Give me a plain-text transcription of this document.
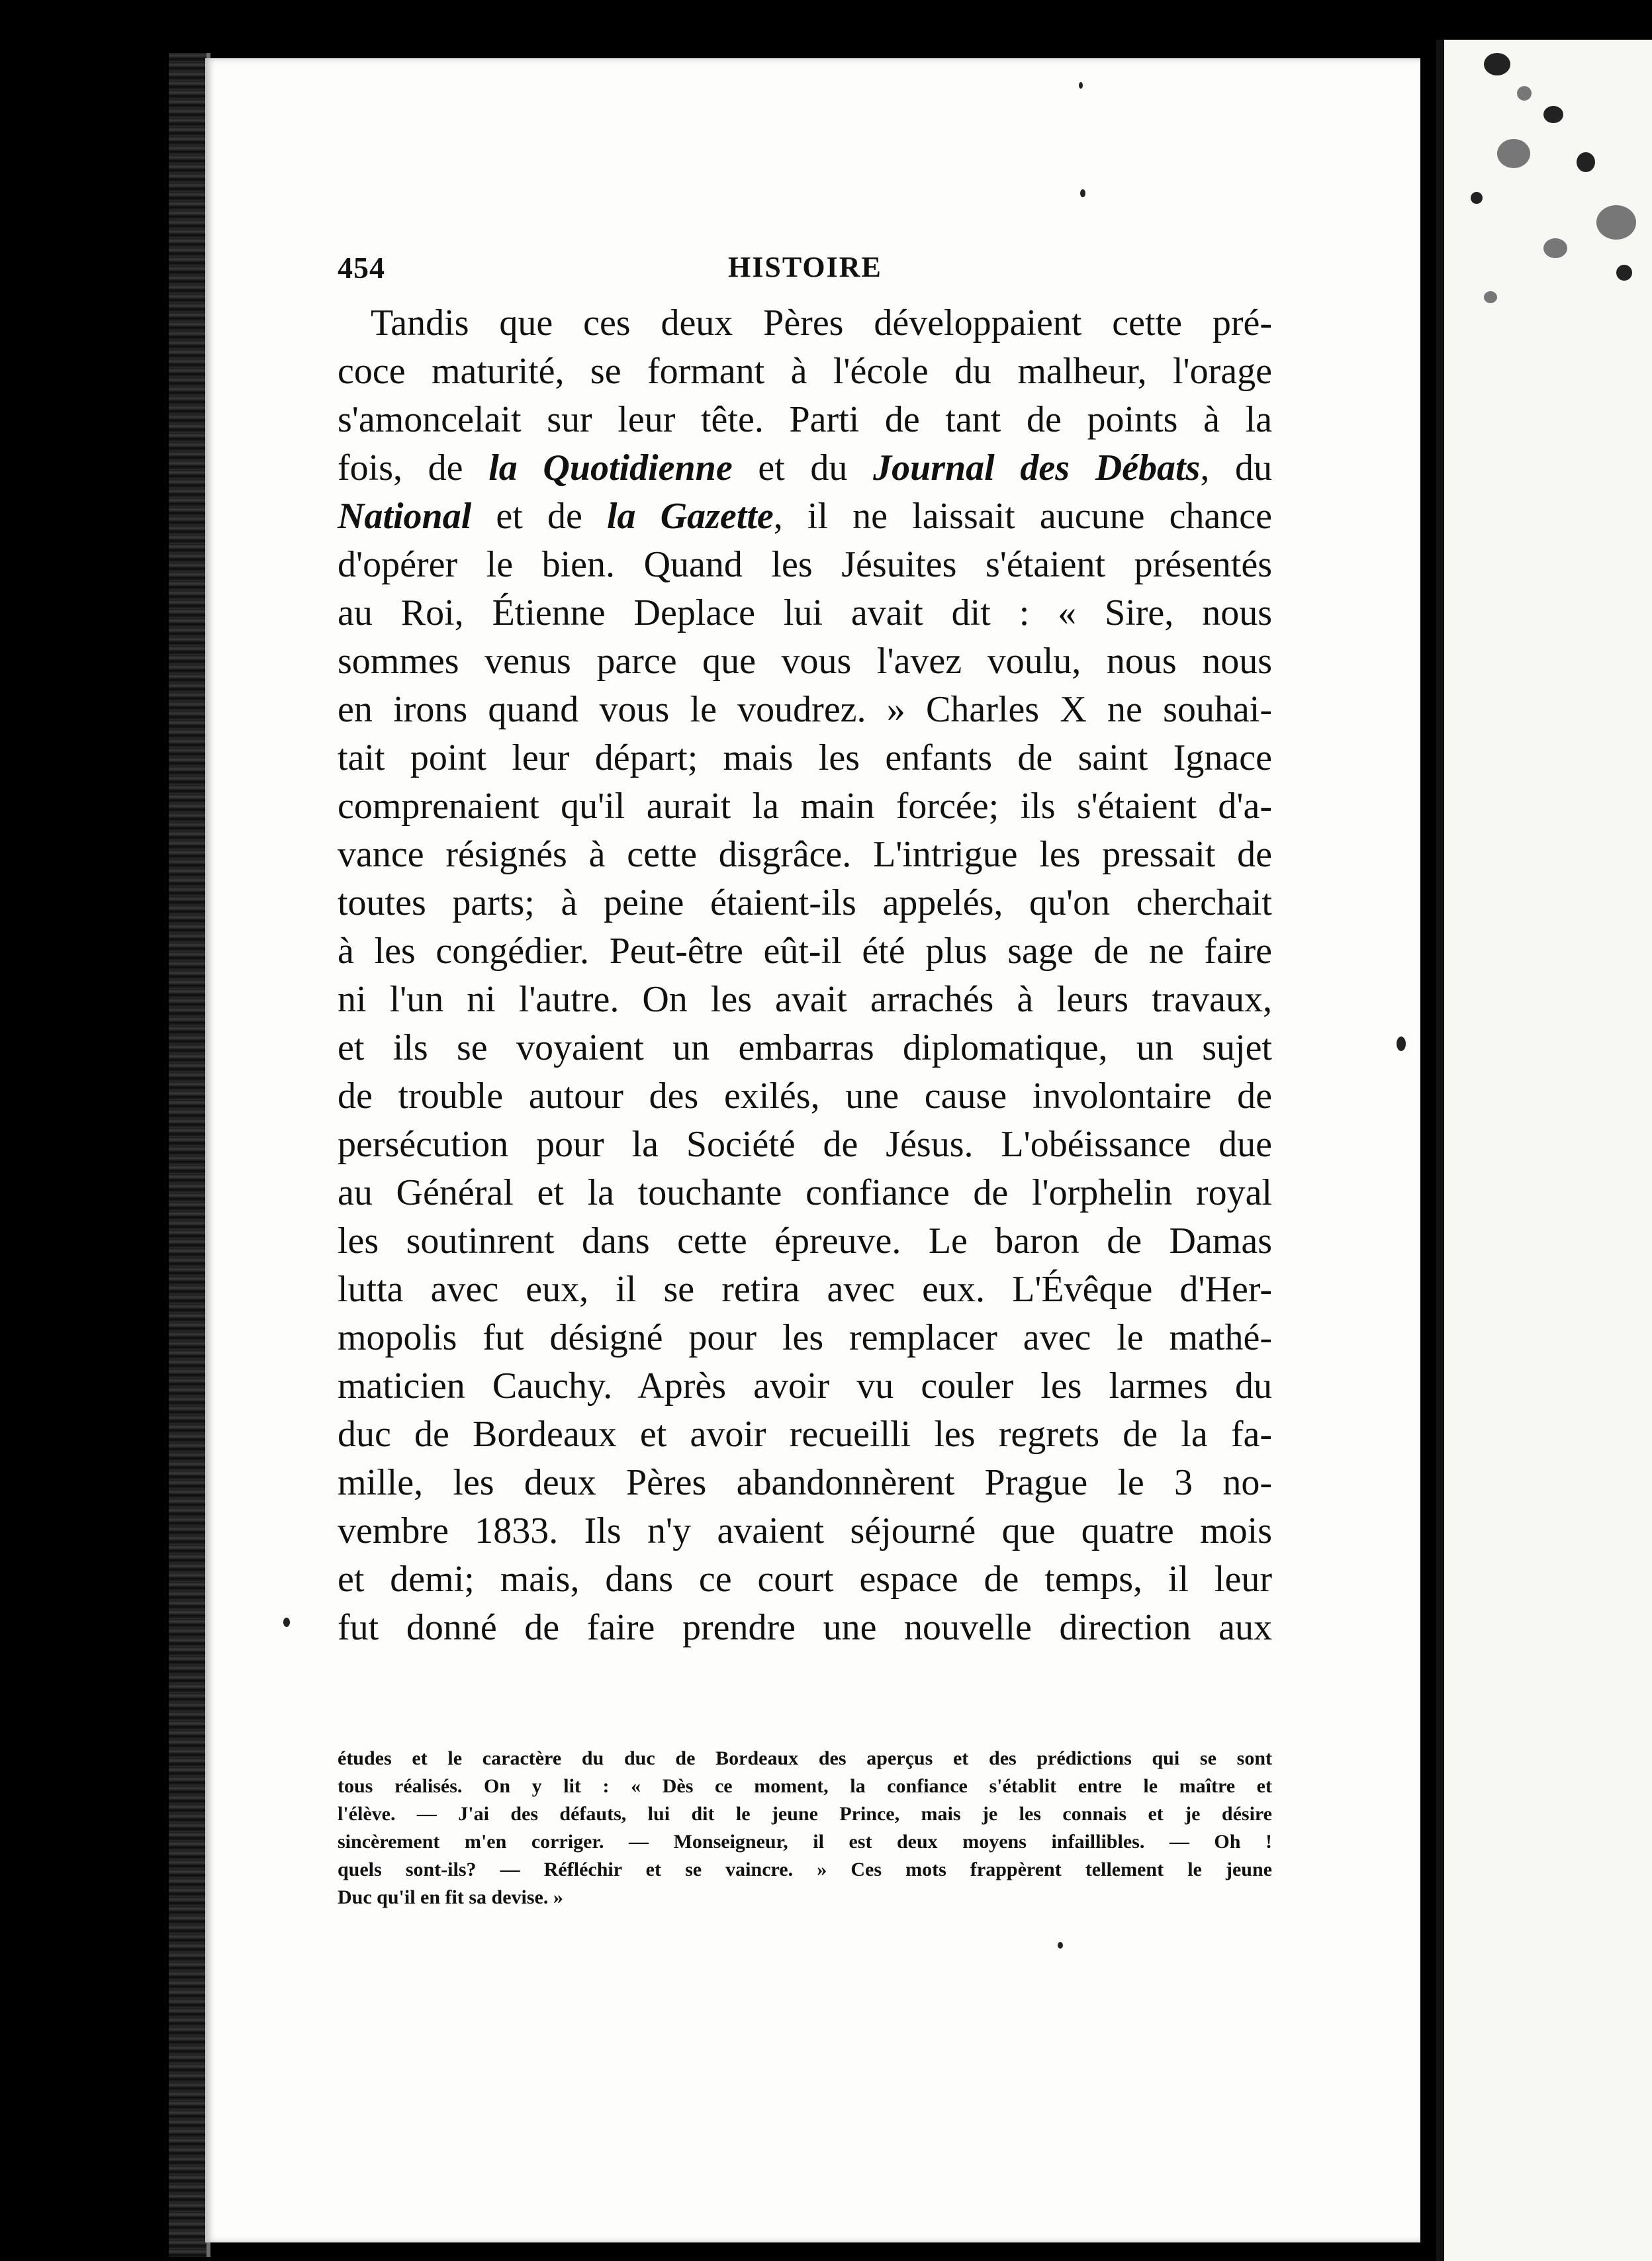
454	HISTOIRE
Tandis que ces deux Pères développaient cette pré-
coce maturité, se formant à l'école du malheur, l'orage
s'amoncelait sur leur tête. Parti de tant de points à la
fois, de la Quotidienne et du Journal des Débats, du
National et de la Gazette, il ne laissait aucune chance
d'opérer le bien. Quand les Jésuites s'étaient présentés
au Roi, Étienne Deplace lui avait dit : « Sire, nous
sommes venus parce que vous l'avez voulu, nous nous
en irons quand vous le voudrez. » Charles X ne souhai-
tait point leur départ; mais les enfants de saint Ignace
comprenaient qu'il aurait la main forcée; ils s'étaient d'a-
vance résignés à cette disgrâce. L'intrigue les pressait de
toutes parts; à peine étaient-ils appelés, qu'on cherchait
à les congédier. Peut-être eût-il été plus sage de ne faire
ni l'un ni l'autre. On les avait arrachés à leurs travaux,
et ils se voyaient un embarras diplomatique, un sujet
de trouble autour des exilés, une cause involontaire de
persécution pour la Société de Jésus. L'obéissance due
au Général et la touchante confiance de l'orphelin royal
les soutinrent dans cette épreuve. Le baron de Damas
lutta avec eux, il se retira avec eux. L'Évêque d'Her-
mopolis fut désigné pour les remplacer avec le mathé-
maticien Cauchy. Après avoir vu couler les larmes du
duc de Bordeaux et avoir recueilli les regrets de la fa-
mille, les deux Pères abandonnèrent Prague le 3 no-
vembre 1833. Ils n'y avaient séjourné que quatre mois
et demi; mais, dans ce court espace de temps, il leur
fut donné de faire prendre une nouvelle direction aux
études et le caractère du duc de Bordeaux des aperçus et des prédictions qui se sont
tous réalisés. On y lit : « Dès ce moment, la confiance s'établit entre le maître et
l'élève. — J'ai des défauts, lui dit le jeune Prince, mais je les connais et je désire
sincèrement m'en corriger. — Monseigneur, il est deux moyens infaillibles. — Oh !
quels sont-ils? — Réfléchir et se vaincre. » Ces mots frappèrent tellement le jeune
Duc qu'il en fit sa devise. »
